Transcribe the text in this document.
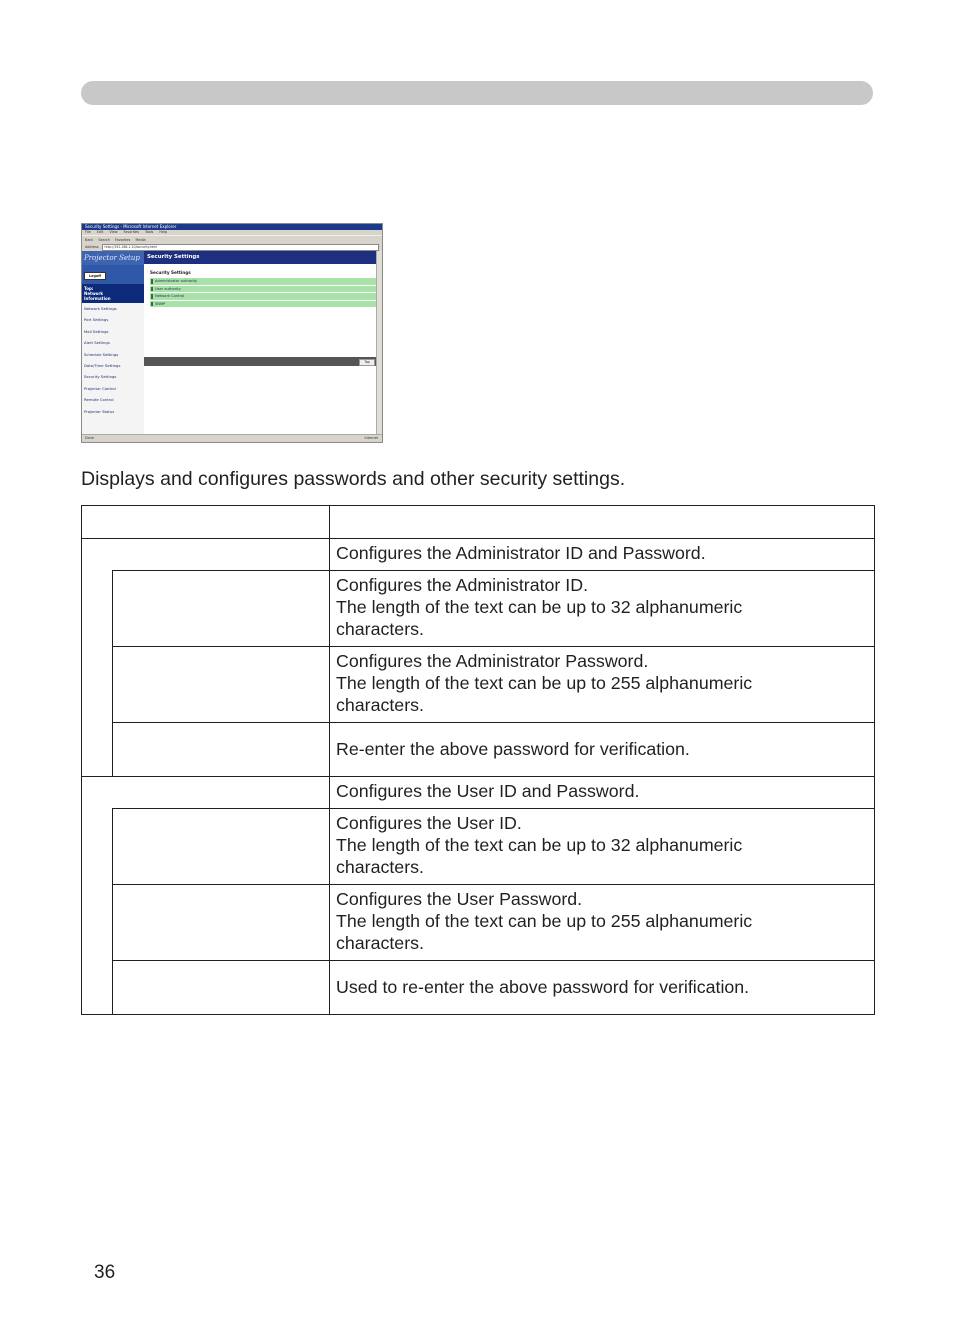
Security Settings - Microsoft Internet Explorer
File Edit View Favorites Tools Help
Back Search Favorites Media
Address	http://192.168.1.10/security.html
Projector Setup
Logoff
Top:
Network
Information
Network Settings
Port Settings
Mail Settings
Alert Settings
Schedule Settings
Date/Time Settings
Security Settings
Projector Control
Remote Control
Projector Status
Security Settings
Security Settings
Administrator authority
User authority
Network Control
SNMP
Top
Done	Internet
Displays and configures passwords and other security settings.

		Configures the Administrator ID and Password.

		Configures the Administrator ID.
The length of the text can be up to 32 alphanumeric
characters.

		Configures the Administrator Password.
The length of the text can be up to 255 alphanumeric
characters.

		Re-enter the above password for verification.

		Configures the User ID and Password.

		Configures the User ID.
The length of the text can be up to 32 alphanumeric
characters.

		Configures the User Password.
The length of the text can be up to 255 alphanumeric
characters.

		Used to re-enter the above password for verification.
36
